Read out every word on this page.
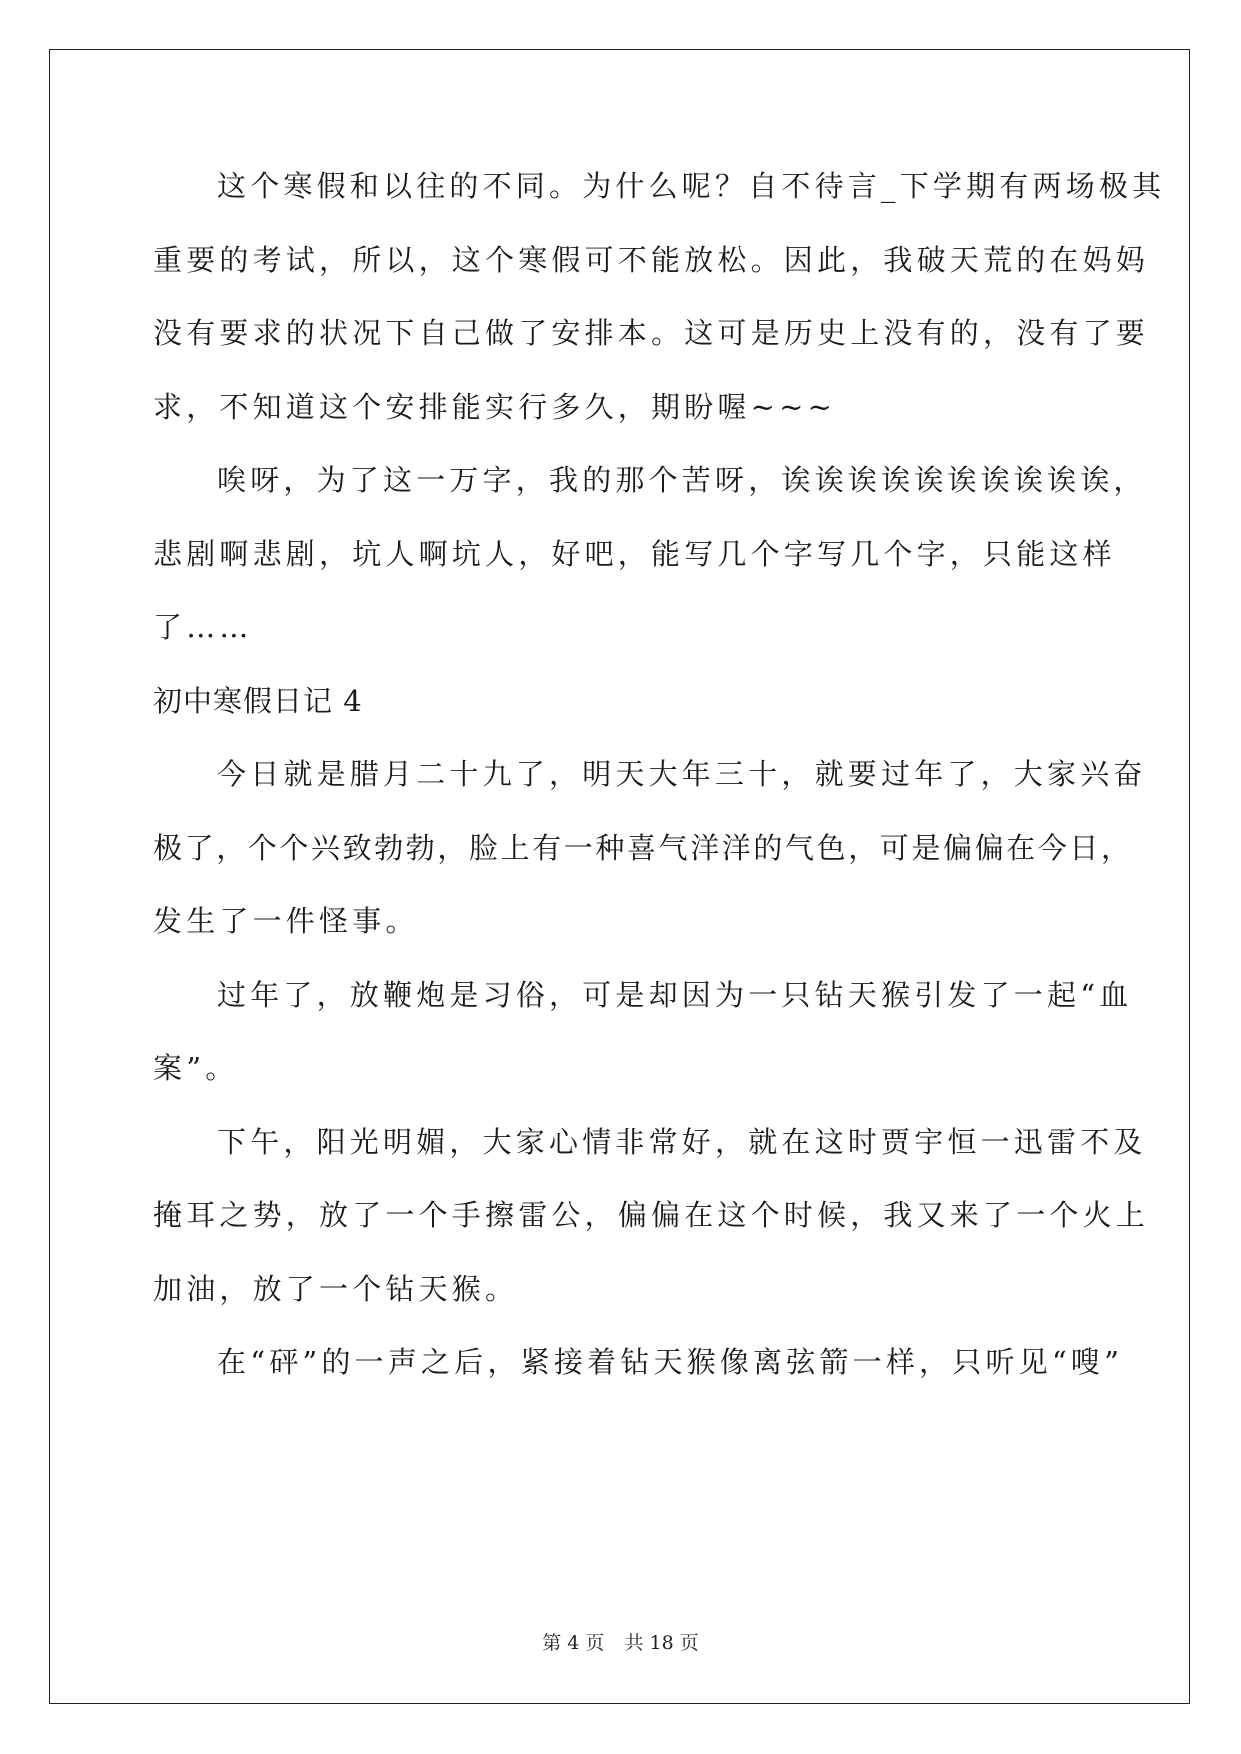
这个寒假和以往的不同。为什么呢？自不待言_下学期有两场极其
重要的考试，所以，这个寒假可不能放松。因此，我破天荒的在妈妈
没有要求的状况下自己做了安排本。这可是历史上没有的，没有了要
求，不知道这个安排能实行多久，期盼喔~~~
唉呀，为了这一万字，我的那个苦呀，诶诶诶诶诶诶诶诶诶诶，
悲剧啊悲剧，坑人啊坑人，好吧，能写几个字写几个字，只能这样
了……
初中寒假日记 4
今日就是腊月二十九了，明天大年三十，就要过年了，大家兴奋
极了，个个兴致勃勃，脸上有一种喜气洋洋的气色，可是偏偏在今日，
发生了一件怪事。
过年了，放鞭炮是习俗，可是却因为一只钻天猴引发了一起“血
案”。
下午，阳光明媚，大家心情非常好，就在这时贾宇恒一迅雷不及
掩耳之势，放了一个手擦雷公，偏偏在这个时候，我又来了一个火上
加油，放了一个钻天猴。
在“砰”的一声之后，紧接着钻天猴像离弦箭一样，只听见“嗖”
第 4 页 共 18 页
